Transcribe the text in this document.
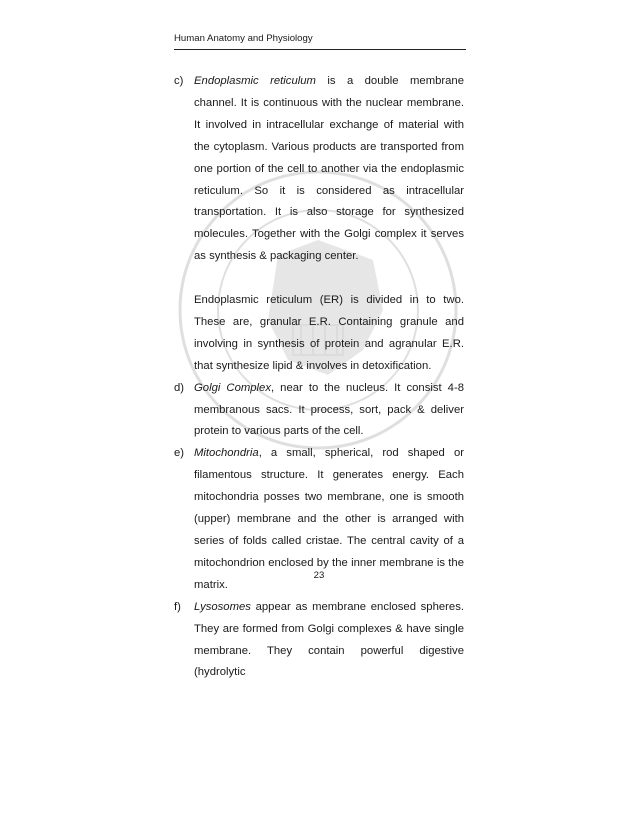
Human Anatomy and Physiology
c) Endoplasmic reticulum is a double membrane channel. It is continuous with the nuclear membrane. It involved in intracellular exchange of material with the cytoplasm. Various products are transported from one portion of the cell to another via the endoplasmic reticulum. So it is considered as intracellular transportation. It is also storage for synthesized molecules. Together with the Golgi complex it serves as synthesis & packaging center.

Endoplasmic reticulum (ER) is divided in to two. These are, granular E.R. Containing granule and involving in synthesis of protein and agranular E.R. that synthesize lipid & involves in detoxification.

d) Golgi Complex, near to the nucleus. It consist 4-8 membranous sacs. It process, sort, pack & deliver protein to various parts of the cell.

e) Mitochondria, a small, spherical, rod shaped or filamentous structure. It generates energy. Each mitochondria posses two membrane, one is smooth (upper) membrane and the other is arranged with series of folds called cristae. The central cavity of a mitochondrion enclosed by the inner membrane is the matrix.

f) Lysosomes appear as membrane enclosed spheres. They are formed from Golgi complexes & have single membrane. They contain powerful digestive (hydrolytic

23
